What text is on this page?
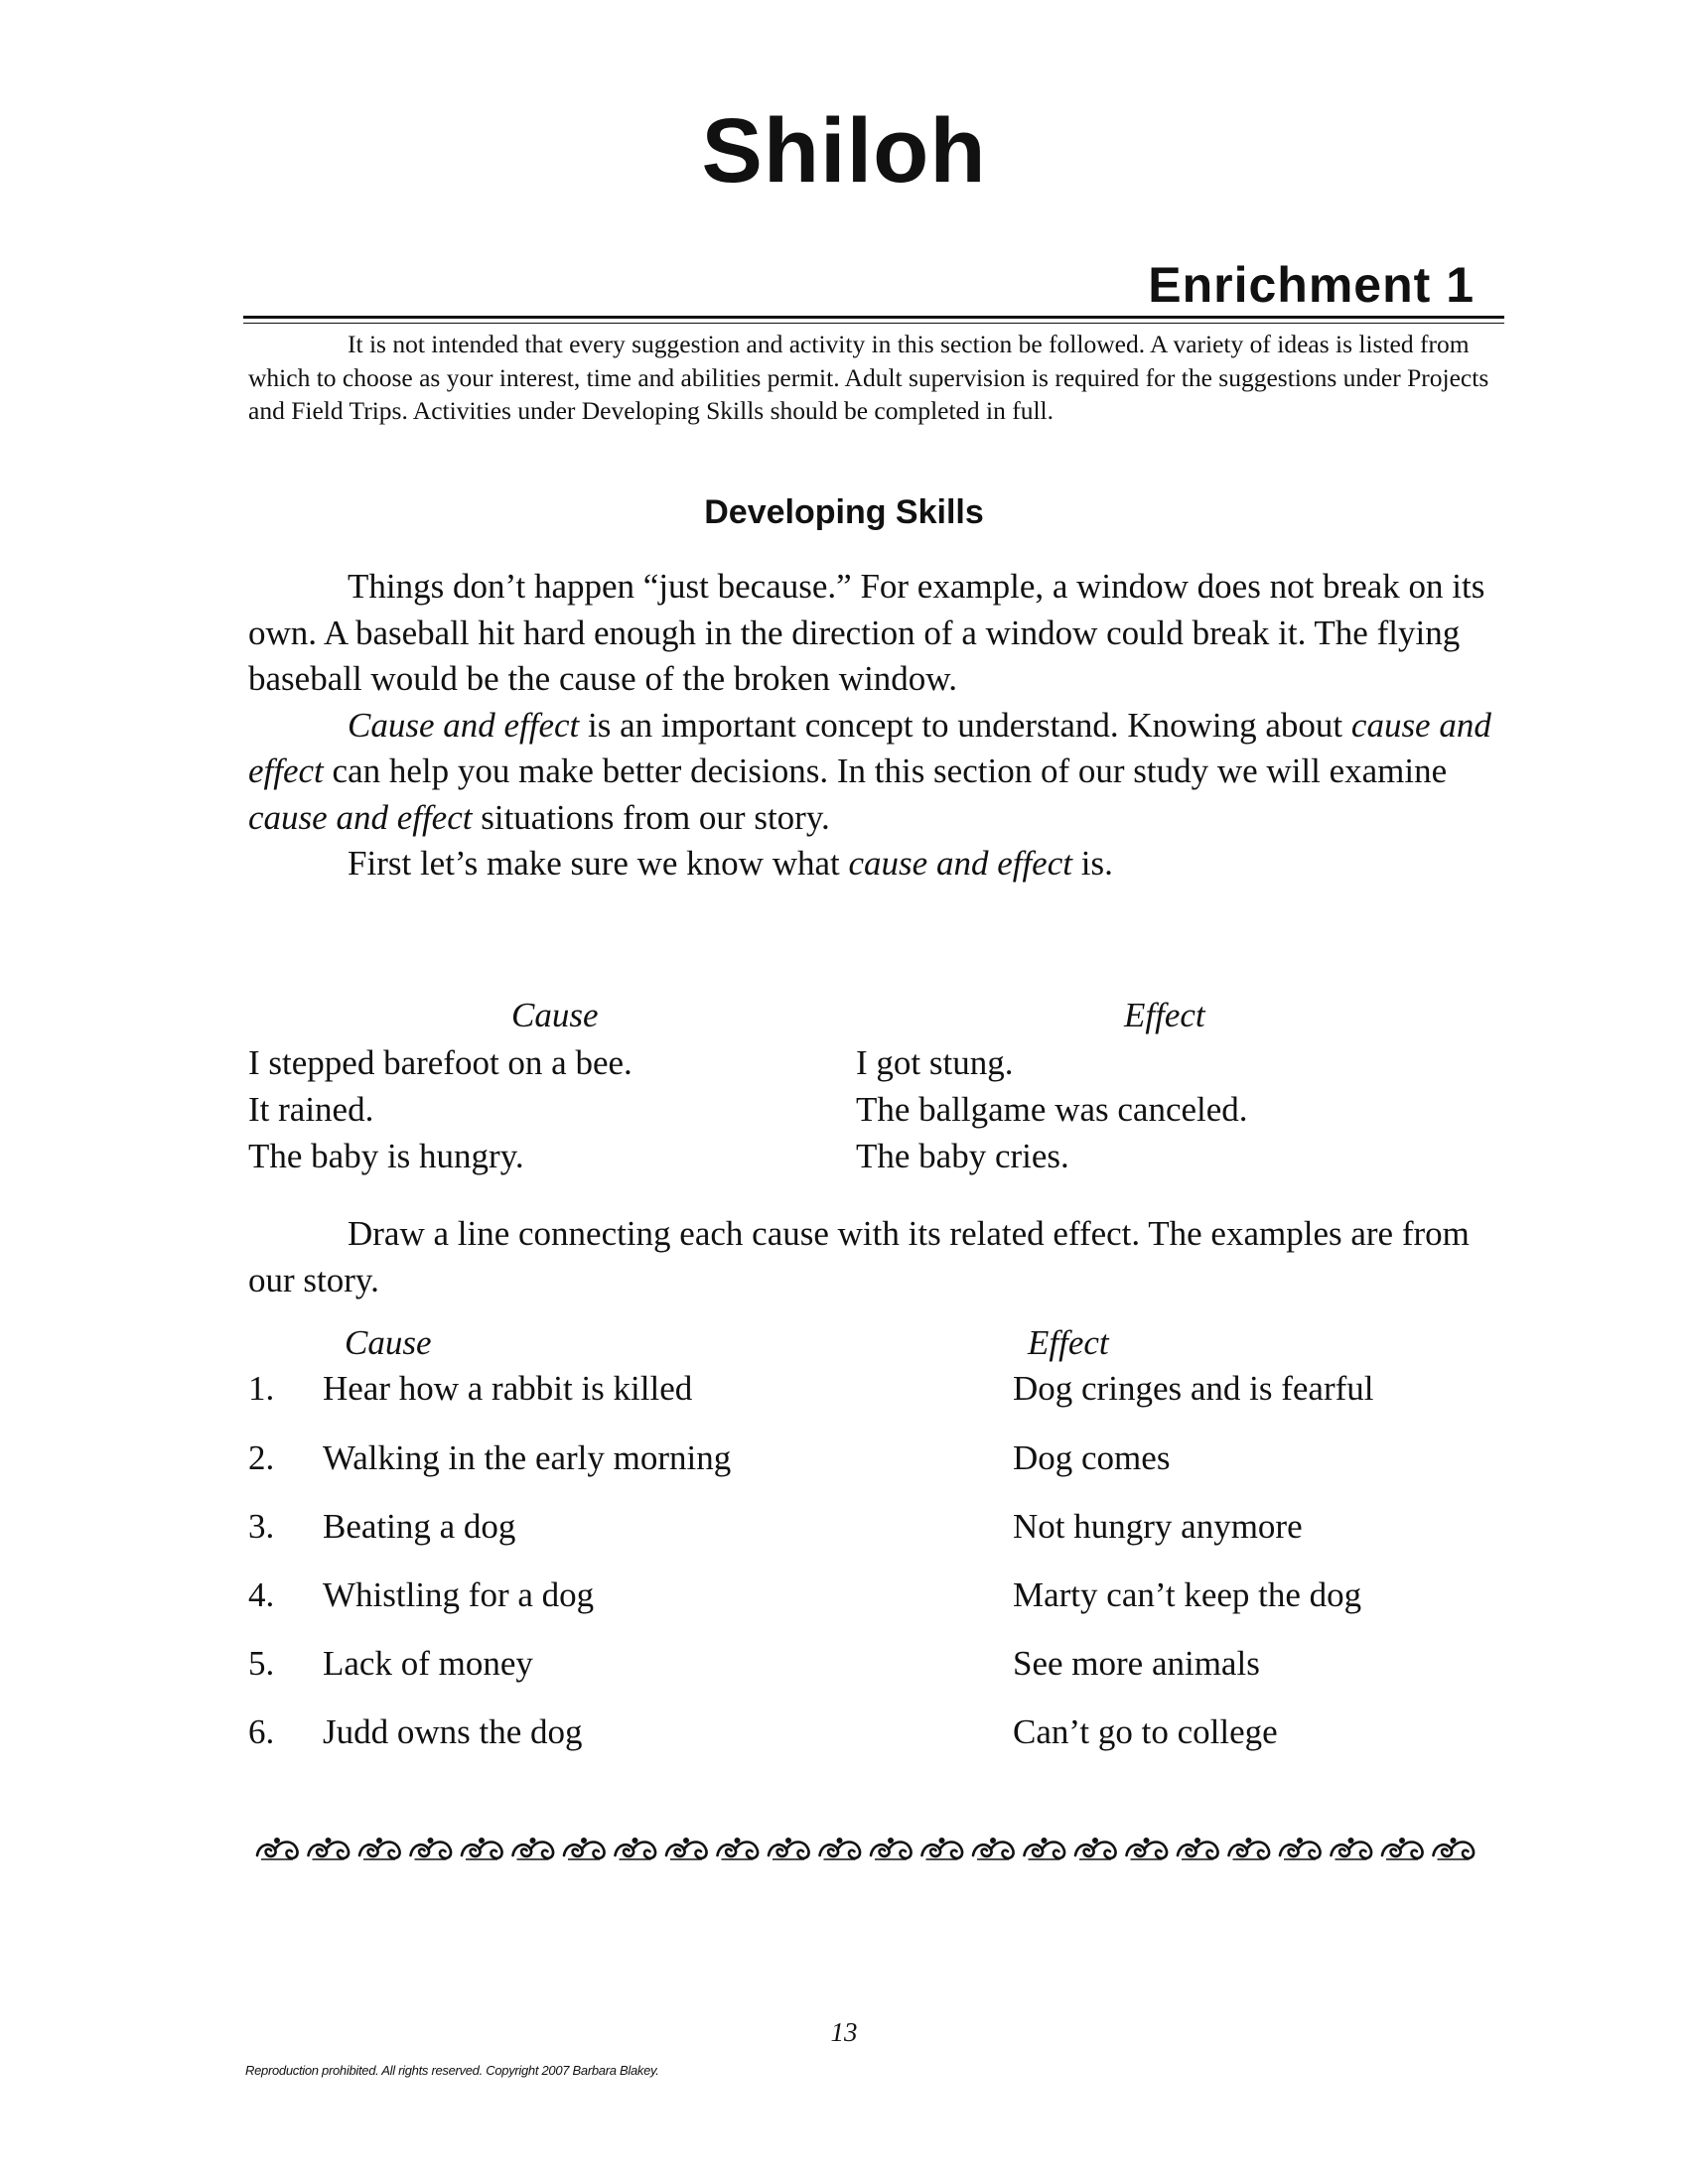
Shiloh
Enrichment 1

It is not intended that every suggestion and activity in this section be followed. A variety of ideas is listed from which to choose as your interest, time and abilities permit. Adult supervision is required for the suggestions under Projects and Field Trips. Activities under Developing Skills should be completed in full.

Developing Skills

Things don’t happen “just because.” For example, a window does not break on its own. A baseball hit hard enough in the direction of a window could break it. The flying baseball would be the cause of the broken window.

Cause and effect is an important concept to understand. Knowing about cause and effect can help you make better decisions. In this section of our study we will examine cause and effect situations from our story.

First let’s make sure we know what cause and effect is.

Cause	Effect
I stepped barefoot on a bee.	I got stung.
It rained.	The ballgame was canceled.
The baby is hungry.	The baby cries.

Draw a line connecting each cause with its related effect. The examples are from our story.

Cause	Effect
1. Hear how a rabbit is killed	Dog cringes and is fearful
2. Walking in the early morning	Dog comes
3. Beating a dog	Not hungry anymore
4. Whistling for a dog	Marty can’t keep the dog
5. Lack of money	See more animals
6. Judd owns the dog	Can’t go to college
13
Reproduction prohibited. All rights reserved. Copyright 2007 Barbara Blakey.
